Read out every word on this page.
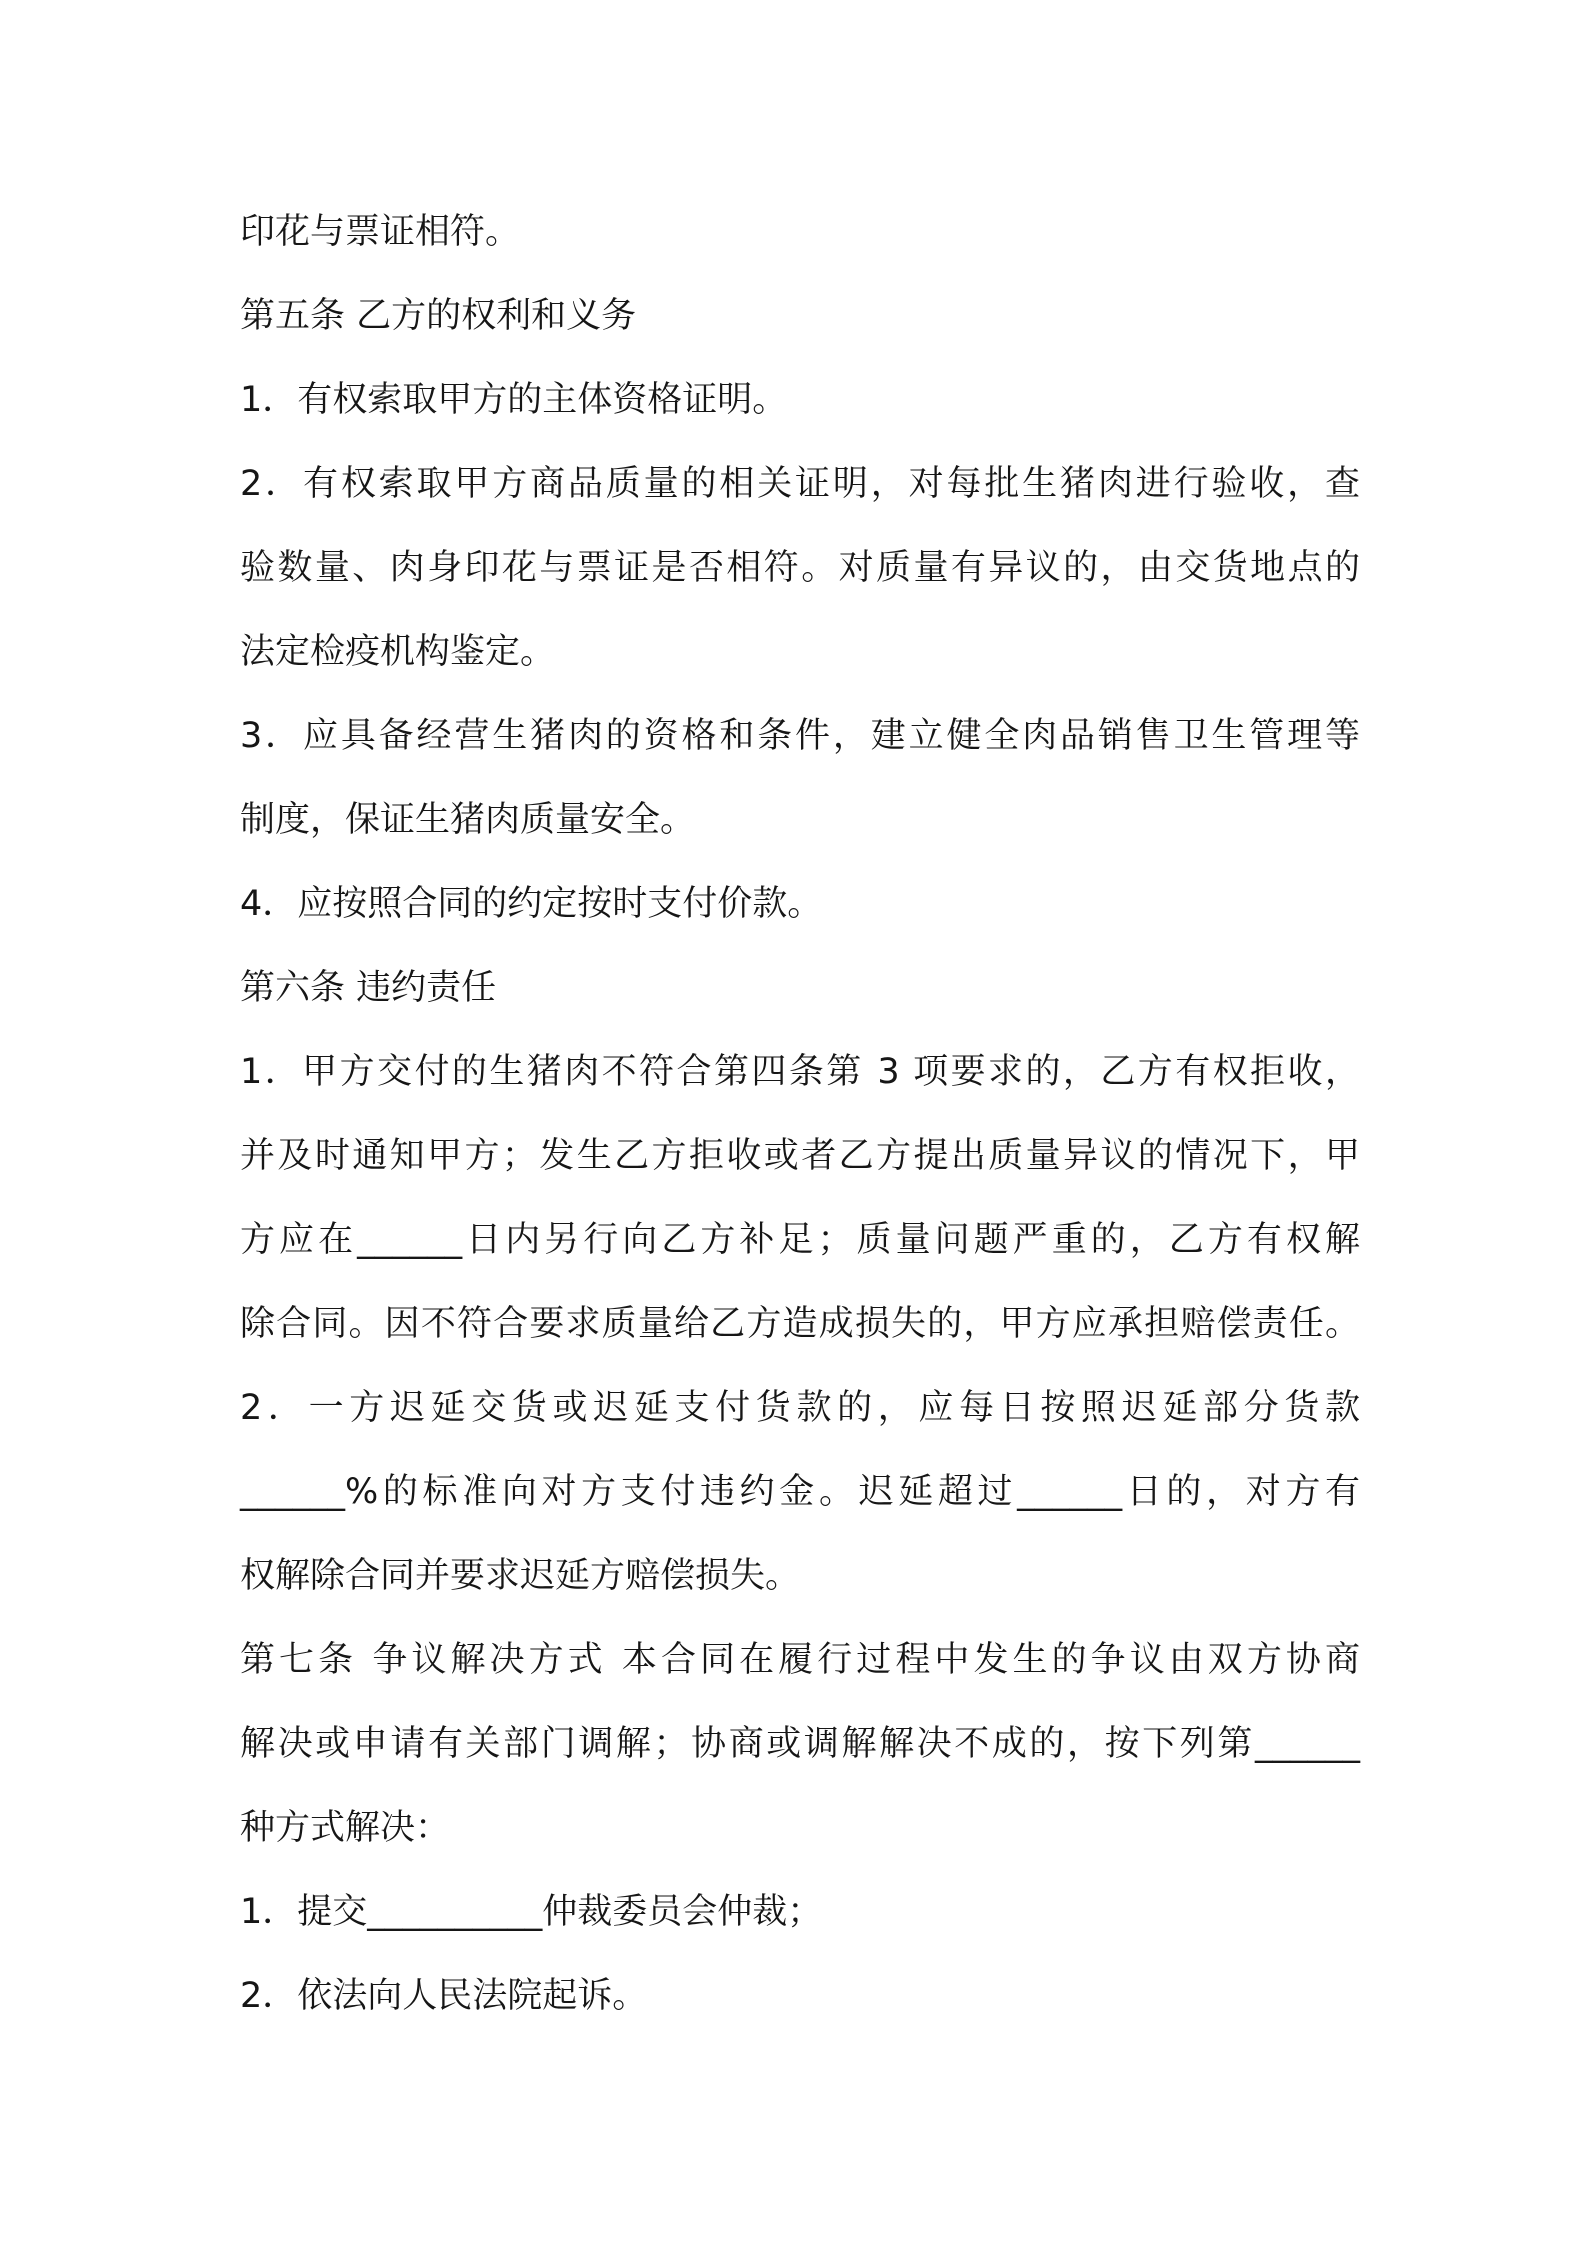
印花与票证相符。
第五条 乙方的权利和义务
1．有权索取甲方的主体资格证明。
2．有权索取甲方商品质量的相关证明，对每批生猪肉进行验收，查
验数量、肉身印花与票证是否相符。对质量有异议的，由交货地点的
法定检疫机构鉴定。
3．应具备经营生猪肉的资格和条件，建立健全肉品销售卫生管理等
制度，保证生猪肉质量安全。
4．应按照合同的约定按时支付价款。
第六条 违约责任
1．甲方交付的生猪肉不符合第四条第 3 项要求的，乙方有权拒收，
并及时通知甲方；发生乙方拒收或者乙方提出质量异议的情况下，甲
方应在______日内另行向乙方补足；质量问题严重的，乙方有权解
除合同。因不符合要求质量给乙方造成损失的，甲方应承担赔偿责任。
2．一方迟延交货或迟延支付货款的，应每日按照迟延部分货款
______%的标准向对方支付违约金。迟延超过______日的，对方有
权解除合同并要求迟延方赔偿损失。
第七条 争议解决方式 本合同在履行过程中发生的争议由双方协商
解决或申请有关部门调解；协商或调解解决不成的，按下列第______
种方式解决：
1．提交__________仲裁委员会仲裁；
2．依法向人民法院起诉。
